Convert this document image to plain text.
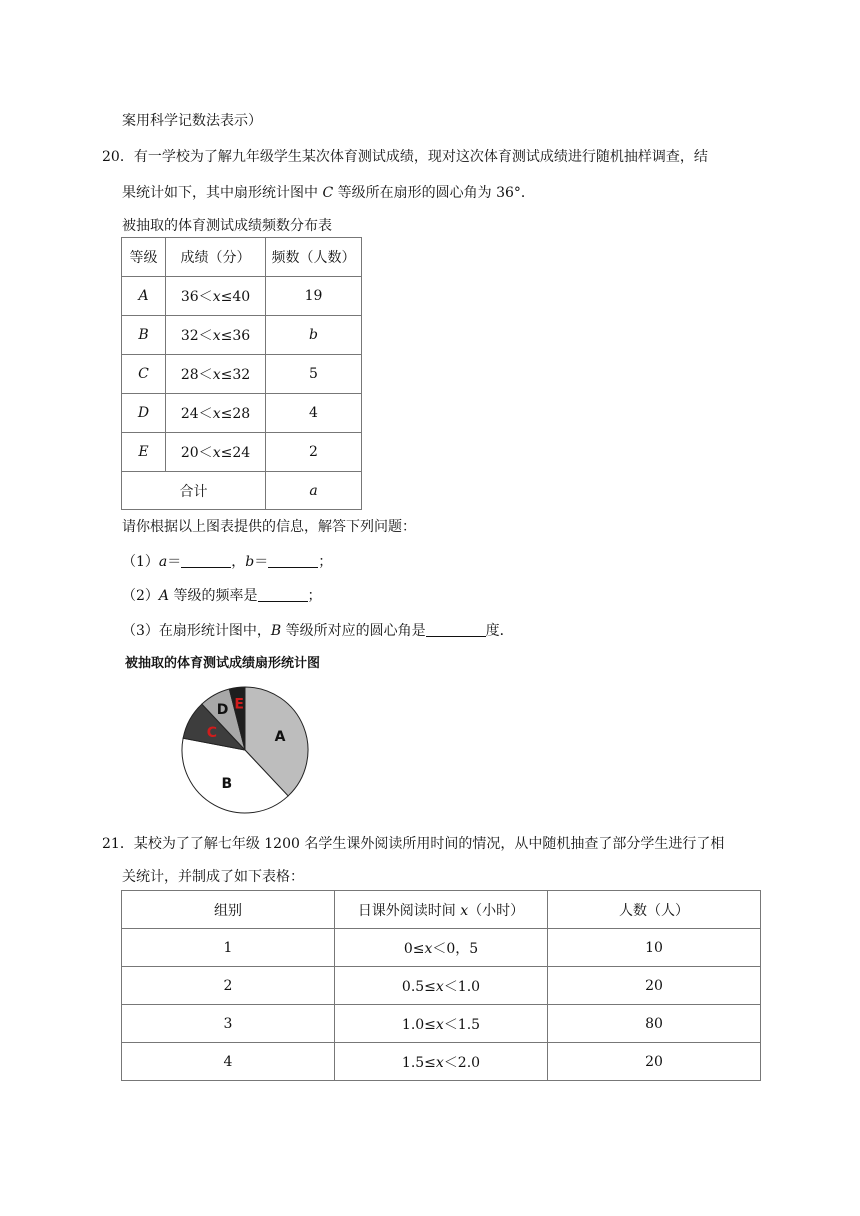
案用科学记数法表示）
20．有一学校为了解九年级学生某次体育测试成绩，现对这次体育测试成绩进行随机抽样调查，结
果统计如下，其中扇形统计图中 C 等级所在扇形的圆心角为 36°．
被抽取的体育测试成绩频数分布表
等级	成绩（分）	频数（人数）
A	36＜x≤40	19
B	32＜x≤36	b
C	28＜x≤32	5
D	24＜x≤28	4
E	20＜x≤24	2
合计		a
请你根据以上图表提供的信息，解答下列问题：
（1）a＝	，b＝	；
（2）A 等级的频率是	；
（3）在扇形统计图中，B 等级所对应的圆心角是	度．
被抽取的体育测试成绩扇形统计图
A
B
C
D E
21．某校为了了解七年级 1200 名学生课外阅读所用时间的情况，从中随机抽查了部分学生进行了相
关统计，并制成了如下表格：
组别	日课外阅读时间 x（小时）	人数（人）
1	0≤x＜0，5	10
2	0.5≤x＜1.0	20
3	1.0≤x＜1.5	80
4	1.5≤x＜2.0	20
